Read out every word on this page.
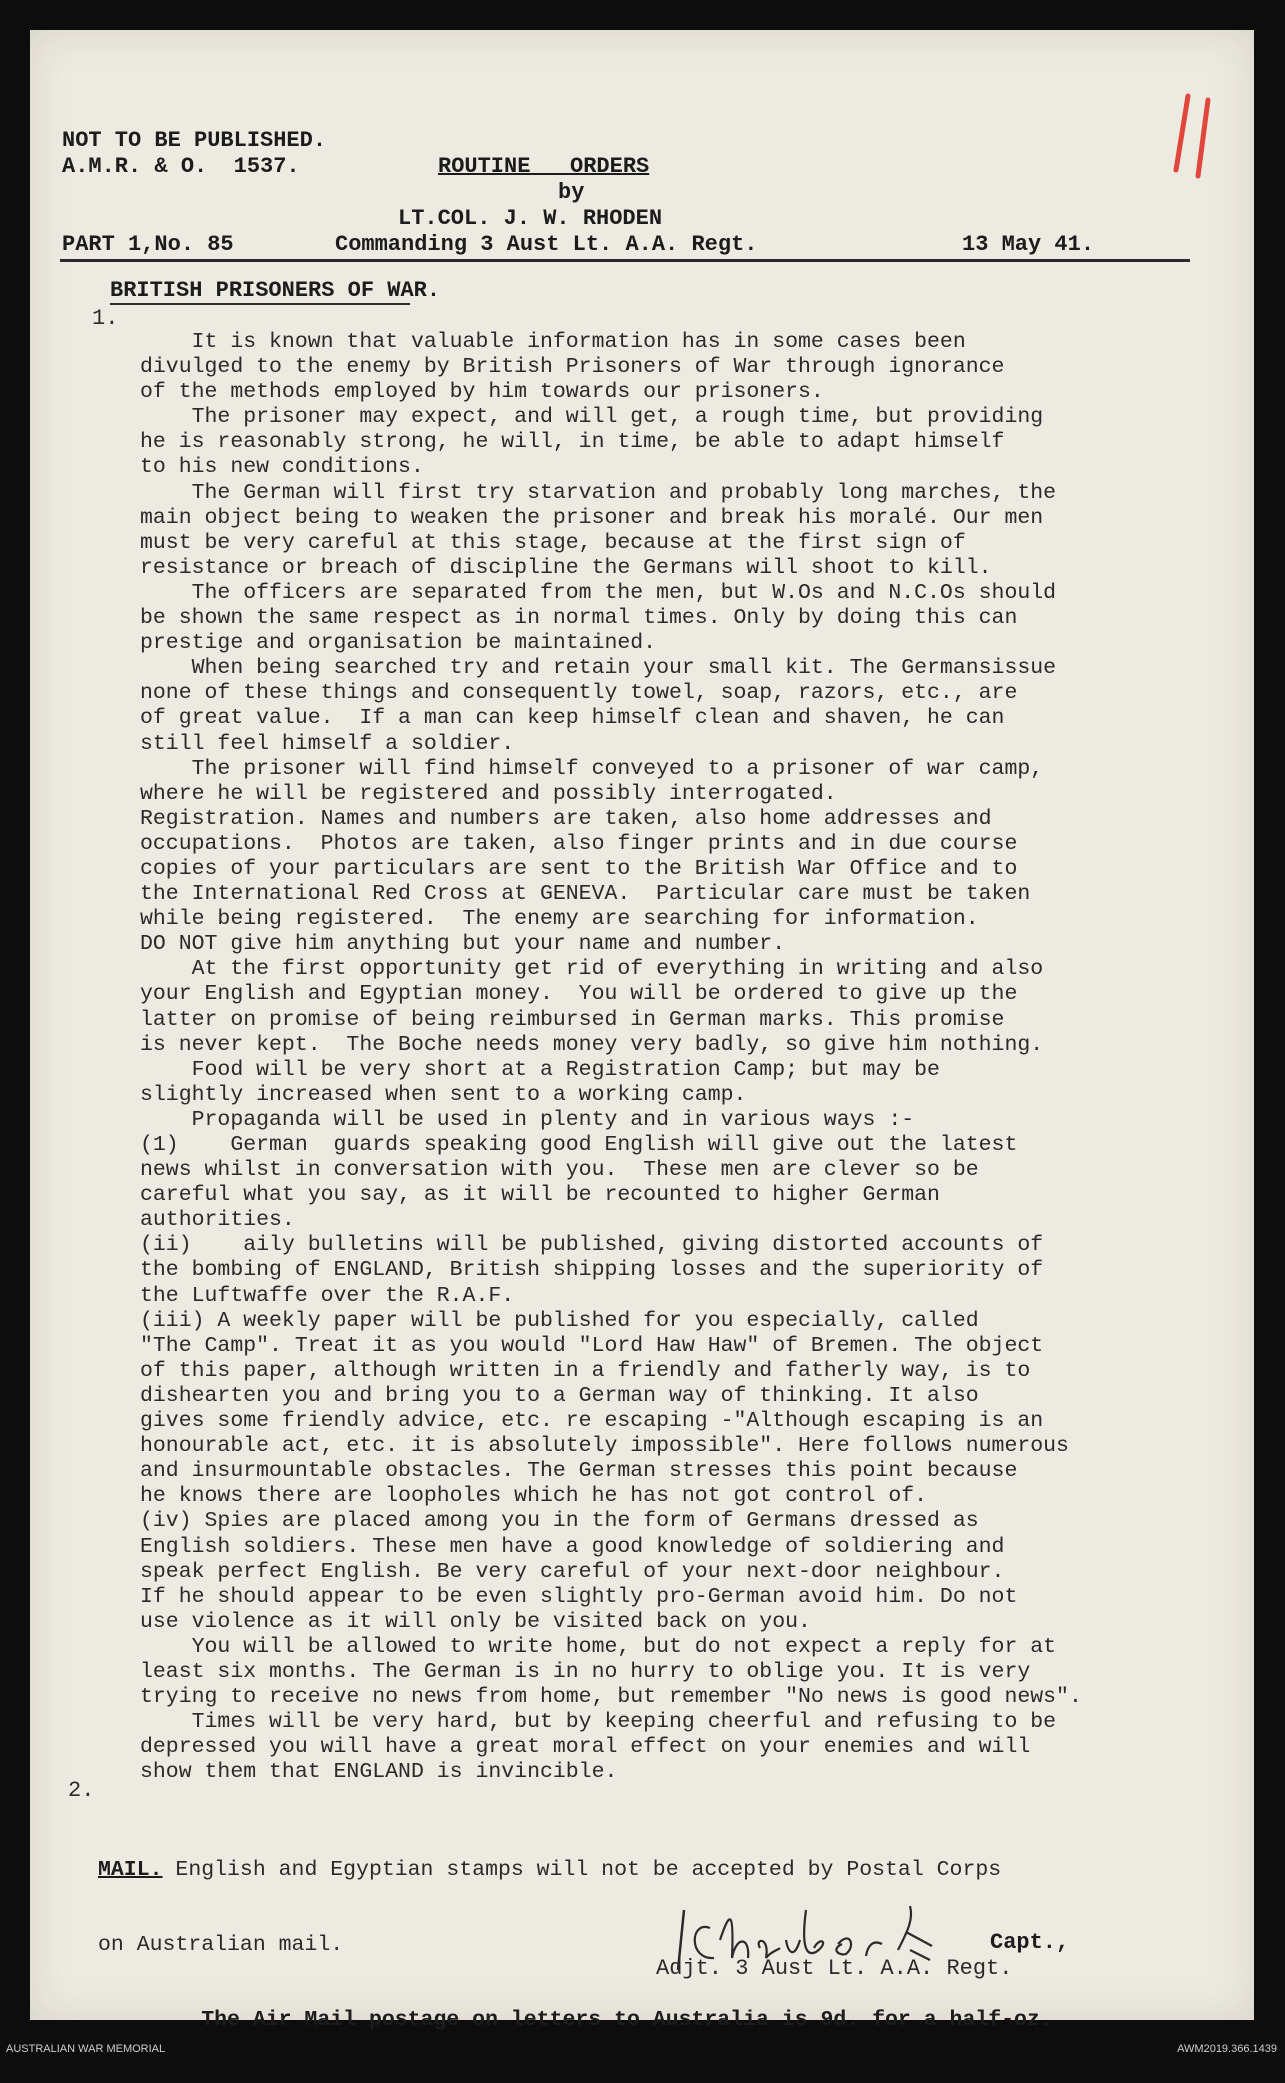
NOT TO BE PUBLISHED.
A.M.R. & O.  1537.	ROUTINE   ORDERS
by
LT.COL. J. W. RHODEN
PART 1,No. 85	Commanding 3 Aust Lt. A.A. Regt.	13 May 41.
1.
BRITISH PRISONERS OF WAR.

It is known that valuable information has in some cases been

divulged to the enemy by British Prisoners of War through ignorance

of the methods employed by him towards our prisoners.

The prisoner may expect, and will get, a rough time, but providing

he is reasonably strong, he will, in time, be able to adapt himself

to his new conditions.

The German will first try starvation and probably long marches, the

main object being to weaken the prisoner and break his moralé. Our men

must be very careful at this stage, because at the first sign of

resistance or breach of discipline the Germans will shoot to kill.

The officers are separated from the men, but W.Os and N.C.Os should

be shown the same respect as in normal times. Only by doing this can

prestige and organisation be maintained.

When being searched try and retain your small kit. The Germansissue

none of these things and consequently towel, soap, razors, etc., are

of great value.  If a man can keep himself clean and shaven, he can

still feel himself a soldier.

The prisoner will find himself conveyed to a prisoner of war camp,

where he will be registered and possibly interrogated.

Registration. Names and numbers are taken, also home addresses and

occupations.  Photos are taken, also finger prints and in due course

copies of your particulars are sent to the British War Office and to

the International Red Cross at GENEVA.  Particular care must be taken

while being registered.  The enemy are searching for information.

DO NOT give him anything but your name and number.

At the first opportunity get rid of everything in writing and also

your English and Egyptian money.  You will be ordered to give up the

latter on promise of being reimbursed in German marks. This promise

is never kept.  The Boche needs money very badly, so give him nothing.

Food will be very short at a Registration Camp; but may be

slightly increased when sent to a working camp.

Propaganda will be used in plenty and in various ways :-

(1)    German  guards speaking good English will give out the latest

news whilst in conversation with you.  These men are clever so be

careful what you say, as it will be recounted to higher German

authorities.

(ii)    aily bulletins will be published, giving distorted accounts of

the bombing of ENGLAND, British shipping losses and the superiority of

the Luftwaffe over the R.A.F.

(iii) A weekly paper will be published for you especially, called

"The Camp". Treat it as you would "Lord Haw Haw" of Bremen. The object

of this paper, although written in a friendly and fatherly way, is to

dishearten you and bring you to a German way of thinking. It also

gives some friendly advice, etc. re escaping -"Although escaping is an

honourable act, etc. it is absolutely impossible". Here follows numerous

and insurmountable obstacles. The German stresses this point because

he knows there are loopholes which he has not got control of.

(iv) Spies are placed among you in the form of Germans dressed as

English soldiers. These men have a good knowledge of soldiering and

speak perfect English. Be very careful of your next-door neighbour.

If he should appear to be even slightly pro-German avoid him. Do not

use violence as it will only be visited back on you.

You will be allowed to write home, but do not expect a reply for at

least six months. The German is in no hurry to oblige you. It is very

trying to receive no news from home, but remember "No news is good news".

Times will be very hard, but by keeping cheerful and refusing to be

depressed you will have a great moral effect on your enemies and will

show them that ENGLAND is invincible.

2.

MAIL. English and Egyptian stamps will not be accepted by Postal Corps

on Australian mail.

The Air Mail postage on letters to Australia is 9d. for a half-oz.

Capt.,
Adjt. 3 Aust Lt. A.A. Regt.
AUSTRALIAN WAR MEMORIAL	AWM2019.366.1439
